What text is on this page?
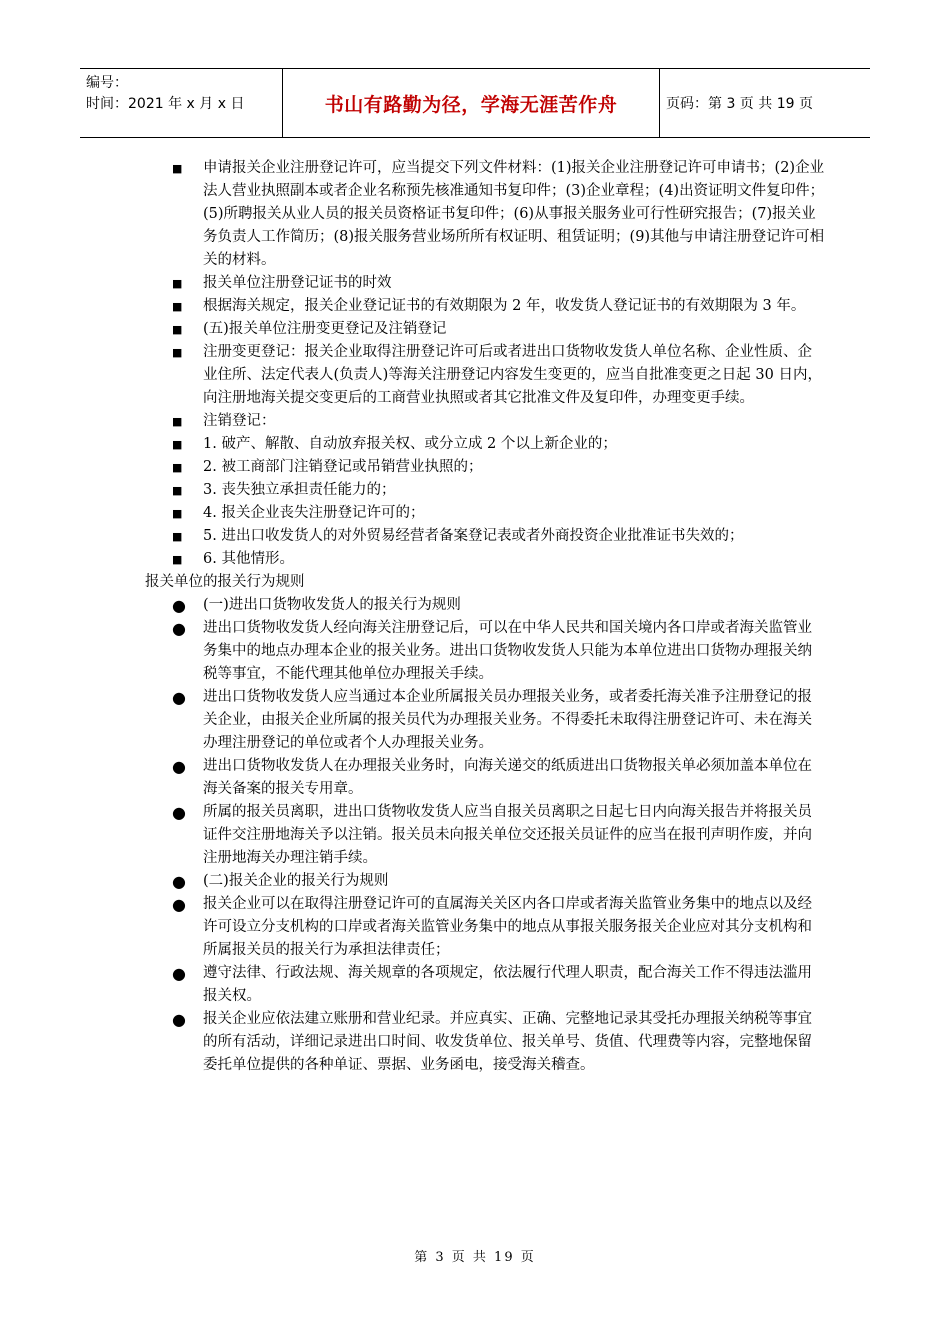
编号：
时间：2021 年 x 月 x 日	书山有路勤为径，学海无涯苦作舟	页码：第 3 页 共 19 页
■ 申请报关企业注册登记许可，应当提交下列文件材料：(1)报关企业注册登记许可申请书；(2)企业法人营业执照副本或者企业名称预先核准通知书复印件；(3)企业章程；(4)出资证明文件复印件；(5)所聘报关从业人员的报关员资格证书复印件；(6)从事报关服务业可行性研究报告；(7)报关业务负责人工作简历；(8)报关服务营业场所所有权证明、租赁证明；(9)其他与申请注册登记许可相关的材料。
■ 报关单位注册登记证书的时效
■ 根据海关规定，报关企业登记证书的有效期限为 2 年，收发货人登记证书的有效期限为 3 年。
■ (五)报关单位注册变更登记及注销登记
■ 注册变更登记：报关企业取得注册登记许可后或者进出口货物收发货人单位名称、企业性质、企业住所、法定代表人(负责人)等海关注册登记内容发生变更的，应当自批准变更之日起 30 日内，向注册地海关提交变更后的工商营业执照或者其它批准文件及复印件，办理变更手续。
■ 注销登记：
■ 1. 破产、解散、自动放弃报关权、或分立成 2 个以上新企业的；
■ 2. 被工商部门注销登记或吊销营业执照的；
■ 3. 丧失独立承担责任能力的；
■ 4. 报关企业丧失注册登记许可的；
■ 5. 进出口收发货人的对外贸易经营者备案登记表或者外商投资企业批准证书失效的；
■ 6. 其他情形。

报关单位的报关行为规则

● (一)进出口货物收发货人的报关行为规则
● 进出口货物收发货人经向海关注册登记后，可以在中华人民共和国关境内各口岸或者海关监管业务集中的地点办理本企业的报关业务。进出口货物收发货人只能为本单位进出口货物办理报关纳税等事宜，不能代理其他单位办理报关手续。
● 进出口货物收发货人应当通过本企业所属报关员办理报关业务，或者委托海关准予注册登记的报关企业，由报关企业所属的报关员代为办理报关业务。不得委托未取得注册登记许可、未在海关办理注册登记的单位或者个人办理报关业务。
● 进出口货物收发货人在办理报关业务时，向海关递交的纸质进出口货物报关单必须加盖本单位在海关备案的报关专用章。
● 所属的报关员离职，进出口货物收发货人应当自报关员离职之日起七日内向海关报告并将报关员证件交注册地海关予以注销。报关员未向报关单位交还报关员证件的应当在报刊声明作废，并向注册地海关办理注销手续。
● (二)报关企业的报关行为规则
● 报关企业可以在取得注册登记许可的直属海关关区内各口岸或者海关监管业务集中的地点以及经许可设立分支机构的口岸或者海关监管业务集中的地点从事报关服务报关企业应对其分支机构和所属报关员的报关行为承担法律责任；
● 遵守法律、行政法规、海关规章的各项规定，依法履行代理人职责，配合海关工作不得违法滥用报关权。
● 报关企业应依法建立账册和营业纪录。并应真实、正确、完整地记录其受托办理报关纳税等事宜的所有活动，详细记录进出口时间、收发货单位、报关单号、货值、代理费等内容，完整地保留委托单位提供的各种单证、票据、业务函电，接受海关稽查。
第 3 页 共 19 页
